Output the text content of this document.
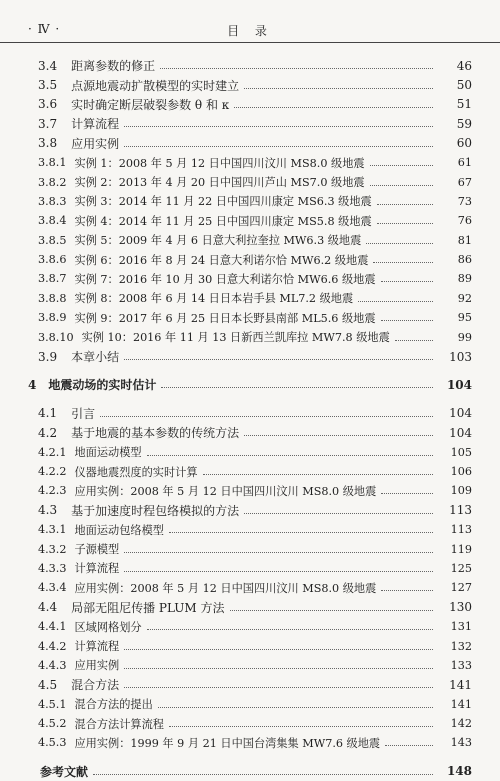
· Ⅳ ·	目 录
3.4	距离参数的修正	46
3.5	点源地震动扩散模型的实时建立	50
3.6	实时确定断层破裂参数 θ 和 κ	51
3.7	计算流程	59
3.8	应用实例	60
3.8.1 实例 1：2008 年 5 月 12 日中国四川汶川 MS8.0 级地震	61
3.8.2 实例 2：2013 年 4 月 20 日中国四川芦山 MS7.0 级地震	67
3.8.3 实例 3：2014 年 11 月 22 日中国四川康定 MS6.3 级地震	73
3.8.4 实例 4：2014 年 11 月 25 日中国四川康定 MS5.8 级地震	76
3.8.5 实例 5：2009 年 4 月 6 日意大利拉奎拉 MW6.3 级地震	81
3.8.6 实例 6：2016 年 8 月 24 日意大利诺尔恰 MW6.2 级地震	86
3.8.7 实例 7：2016 年 10 月 30 日意大利诺尔恰 MW6.6 级地震	89
3.8.8 实例 8：2008 年 6 月 14 日日本岩手县 ML7.2 级地震	92
3.8.9 实例 9：2017 年 6 月 25 日日本长野县南部 ML5.6 级地震	95
3.8.10 实例 10：2016 年 11 月 13 日新西兰凯库拉 MW7.8 级地震	99
3.9	本章小结	103
4	地震动场的实时估计	104
4.1	引言	104
4.2	基于地震的基本参数的传统方法	104
4.2.1 地面运动模型	105
4.2.2 仪器地震烈度的实时计算	106
4.2.3 应用实例：2008 年 5 月 12 日中国四川汶川 MS8.0 级地震	109
4.3	基于加速度时程包络模拟的方法	113
4.3.1 地面运动包络模型	113
4.3.2 子源模型	119
4.3.3 计算流程	125
4.3.4 应用实例：2008 年 5 月 12 日中国四川汶川 MS8.0 级地震	127
4.4	局部无阻尼传播 PLUM 方法	130
4.4.1 区域网格划分	131
4.4.2 计算流程	132
4.4.3 应用实例	133
4.5	混合方法	141
4.5.1 混合方法的提出	141
4.5.2 混合方法计算流程	142
4.5.3 应用实例：1999 年 9 月 21 日中国台湾集集 MW7.6 级地震	143
参考文献	148
